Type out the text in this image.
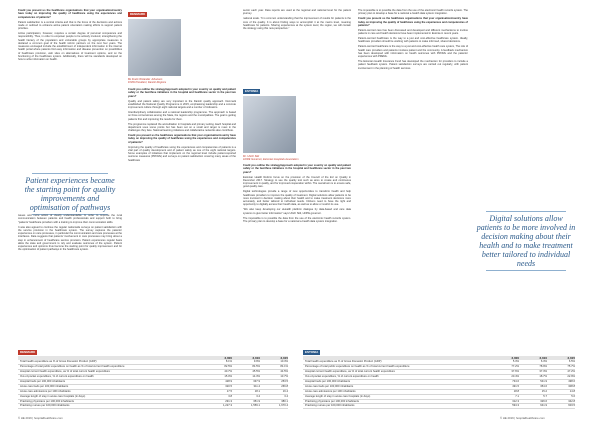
Could you present us the healthcare organisations that your organisation/country have today on improving the quality of healthcare using the experiences and competencies of patients?

Patient satisfaction is a central criteria and that is the focus of the decisions and actions made or outlined to enhance active patient orientation making efforts to support patient priorities.

Active participation, however, requires a certain degree of personal competence and responsibility. Thus, in order to empower people to be actively involved, strengthening the health literacy of the population and vulnerable groups by appropriate measures is declared a common goal of the health reform partners on the next four years. The measures envisaged include the establishment of independent information in the internet health portal where patients find easy information and disease prevention on possibilities of healthcare provision, web sites on alternatives of treatment options, and on the functioning of the healthcare system. Additionally, there will be standards developed on how to write information on health.

Patient experiences became the starting point for quality improvements and optimisation of pathways

issues and more action of clearly understandable. In order to improve the rural communication between patients and health professionals and support both to bring "patients' healthcare providers with a training to improve their communication skills.

It was also agreed to continue the regular nationwide surveys on patient satisfaction with the service provision in the healthcare system. The survey captures the patients' experiences on care processes, in particular the communication and care processes at the interfaces. Data suggests that patients' involvement in care processes may bring about a step in enhancement of healthcare service provision. Patient experiences regular basis allow the state and government to rely and evaluate outcomes of the system. Patient experiences and opinions thus become the starting point for quality improvement and for the optimisation of patient pathways in the healthcare system.

DENMARK
Bo Frank Wolander Johansen
FOPA President, Danish Regions

Could you outline the strategy/approach adopted in your country on quality and patient safety or the two/three initiatives in the hospital and healthcare sector in the past two years?

Quality and patient safety are very important to the Danish quality approach. Denmark established the National Quality Programme in 2015, emphasising leadership and a concrete improvement culture through eight national targets and a number of indicators.

Interdisciplinary collaboration and a national leadership programme. The approach is based on three cornerstones among the State, the regions and the municipalities. The goal is getting patients first and improving the results for them.

The programme replaced the accreditation in hospitals and primary setting. Each hospital and department uses some points but has been set on a small and target is meet in the challenges they face. National learning initiatives and collaborative networks also contribute.

Could you present us the healthcare organisations that your organisation/country have today on improving the quality of healthcare using the experiences and competencies of patients?

Improving the quality of healthcare using the experiences and competencies of patients is a vital part of quality development and of patient safety as one of the eight national targets. Some examples of initiatives that implement on the regional level include patient-reported outcome measures (PROMs) and surveys on patient satisfaction covering many areas of the healthcare

sector each year. Data reports are used at the regional and national level for the patient journey.

national scale. "It is common understanding that the improvement of results for patients is the core of the quality. It is about finding ways to accomplish it at the macro level, meaning healthcare for patients. Sharing experiences at the system level, the region, we will contain the strategy using this new perspective."

ESTONIA
Mr. Ulrich Sild
HOPE Governor, Estonian Hospitals Association

Could you outline the strategy/approach adopted in your country on quality and patient safety or the two/three initiatives in the hospital and healthcare sector in the past two years?

Estonian Health Reform focus on the provision of the Council of the EU on Quality in December 2017. Strategy to see the quality tool such as aims to create and continuous improvement in quality, and for improved cooperation within. The overall aim is to ensure safe, good quality care.

Digital technologies provide a range of new opportunities to transform health and help healthcare providers to improve the quality of treatment. Digital solutions allow patients to be more involved in decision making about their health and to make treatment decisions more accurately, and better tailored to individual needs. Citizens need to have the right and opportunity to digitally access their health data, as well as to allow or restrict its use.

"We also keep developing our eHealth platform dialogue by data-based and care data systems to give better information" says Ulrich Sild, HOPE governor.

The impossible is to possible the data from the use of the electronic health records system. The primary plan to develop a base for a national e-health data system integration.

The impossible is to possible the data from the use of the electronic health records system. The primary plan to develop a base for a national e-health data system integration.

Could you present us the healthcare organisations that your organisation/country have today on improving the quality of healthcare using the experiences and competencies of patients?

Patient-centred care has been discussed and developed and different mechanisms to involve patients in care and health decisions have been implemented in Estonia in recent years.

Patient-centred healthcare is the way to a just and cost-effective healthcare system. Ideally, healthcare providers should be working with patients to make informed, shared decisions.

Patient-centred healthcare is the way to a just and cost-effective health care system, The role of health care providers and patients involves patient and the community. A feedback mechanism has been developed with information on health outcomes with PROMs and the patients' experiences with PREMs.

The Estonian Health Insurance Fund has developed the mechanism for providers to include a patient feedback system. Patient satisfaction surveys are carried out regularly, with patient involvement in the planning of health services.

Digital solutions allow patients to be more involved in decision making about their health and to make treatment better tailored to individual needs
DENMARK
2,000	2,010	2,015
Total health expenditure as % of Gross Domestic Product (GDP)	8.1%	9.9%	10.3%
Percentage of total public expenditure on health as % of total current health expenditure	82.5%	84.5%	84.1%
Hospital current health expenditure, as % of total current health expenditure	40.7%	45.5%	44.5%
Out-of-pocket expenditure, % of current expenditure on health	15.0%	14.3%	13.7%
Hospital beds per 100,000 inhabitants	428.9	337.9	253.5
Acute care beds per 100,000 inhabitants	320.5	311.4	266.8
Acute care admissions per 100 inhabitants	17.5	18.1	16.4
Average length of stay in acute care hospitals (in days)	3.8	3.4	3.4
Practising physicians per 100,000 inhabitants	291.3	351.9	380.1
Practising nurses per 100,000 inhabitants	1,227.3	1,559.1	1,670.4
ESTONIA
2,000	2,010	2,015
Total health expenditure as % of Gross Domestic Product (GDP)	5.3%	6.3%	6.5%
Percentage of total public expenditure on health as % of total current health expenditure	77.2%	78.9%	75.7%
Hospital current health expenditure, as % of total current health expenditure	37.6%	37.3%	47.2%
Out-of-pocket expenditure, % of current expenditure on health	20.4%	18.7%	22.9%
Hospital beds per 100,000 inhabitants	734.6	541.9	498.6
Acute care beds per 100,000 inhabitants	491.5	354.6	308.8
Acute care admissions per 100 inhabitants	18.8	15.2	14.8
Average length of stay in acute care hospitals (in days)	7.1	5.7	5.6
Practising physicians per 100,000 inhabitants	312.3	326.6	342.8
Practising nurses per 100,000 inhabitants	594.3	641.9	603.5
© HE 2019 | hospitalhealthcare.com	© HE 2019 | hospitalhealthcare.com
